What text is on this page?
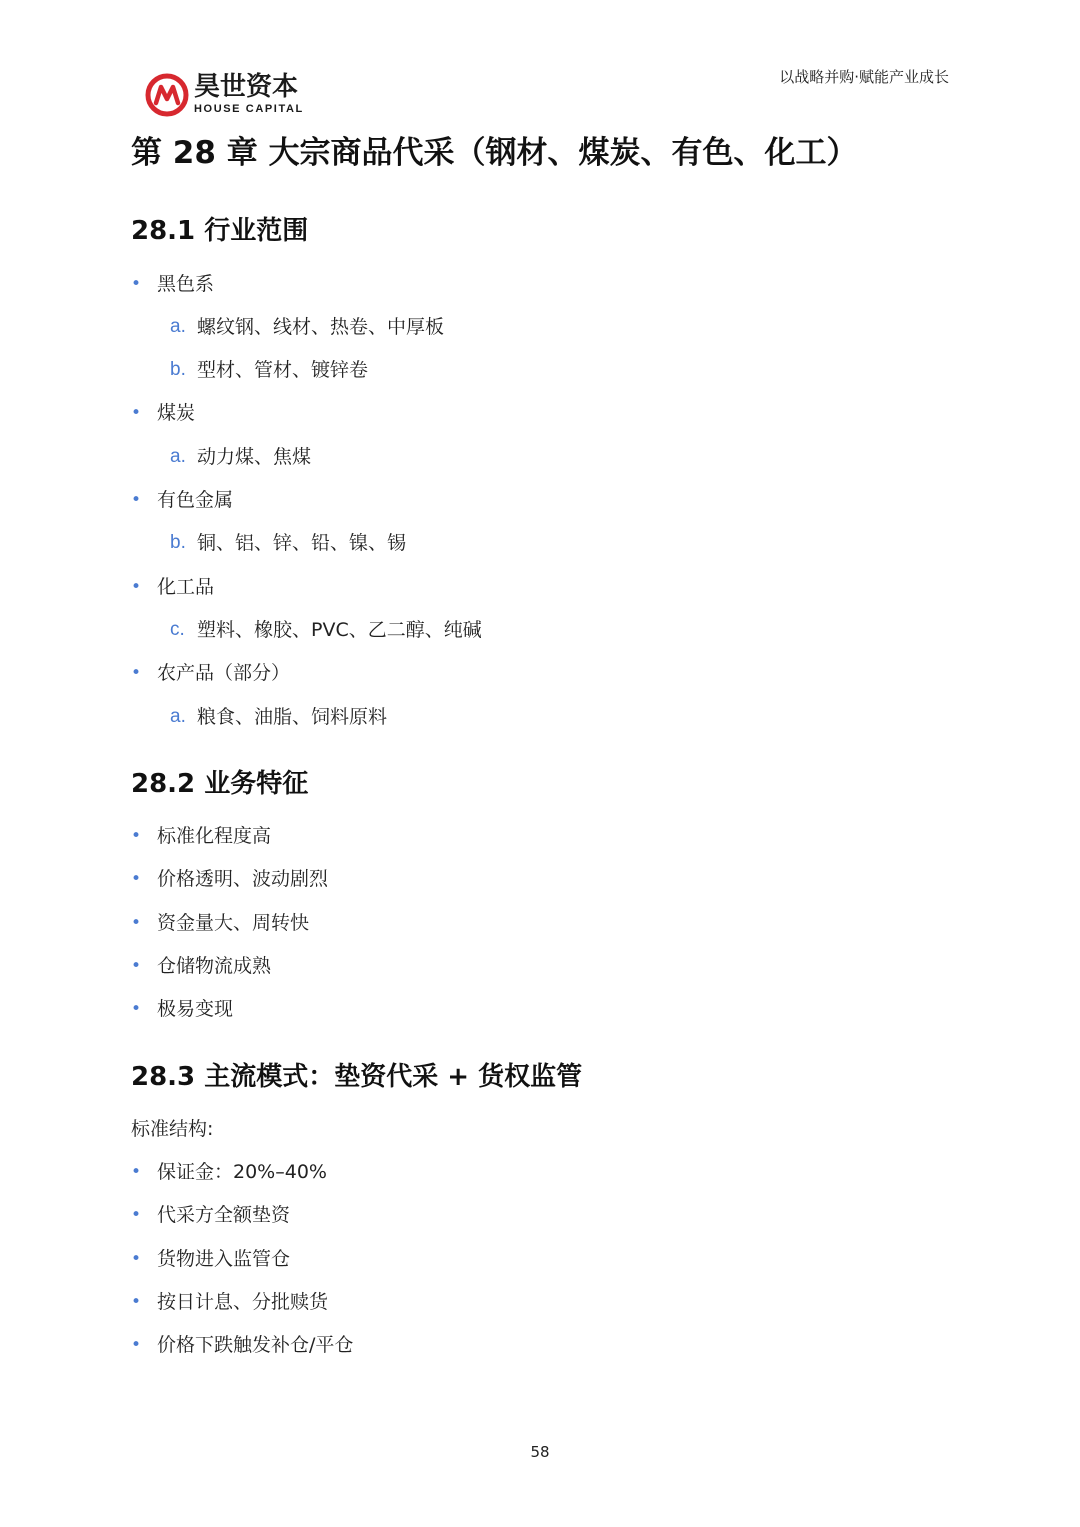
昊世资本
HOUSE CAPITAL
以战略并购·赋能产业成长
第 28 章 大宗商品代采（钢材、煤炭、有色、化工）
28.1 行业范围
• 黑色系
a. 螺纹钢、线材、热卷、中厚板
b. 型材、管材、镀锌卷
• 煤炭
a. 动力煤、焦煤
• 有色金属
b. 铜、铝、锌、铅、镍、锡
• 化工品
c. 塑料、橡胶、PVC、乙二醇、纯碱
• 农产品（部分）
a. 粮食、油脂、饲料原料
28.2 业务特征
• 标准化程度高
• 价格透明、波动剧烈
• 资金量大、周转快
• 仓储物流成熟
• 极易变现
28.3 主流模式：垫资代采 + 货权监管
标准结构:
• 保证金：20%–40%
• 代采方全额垫资
• 货物进入监管仓
• 按日计息、分批赎货
• 价格下跌触发补仓/平仓
58
